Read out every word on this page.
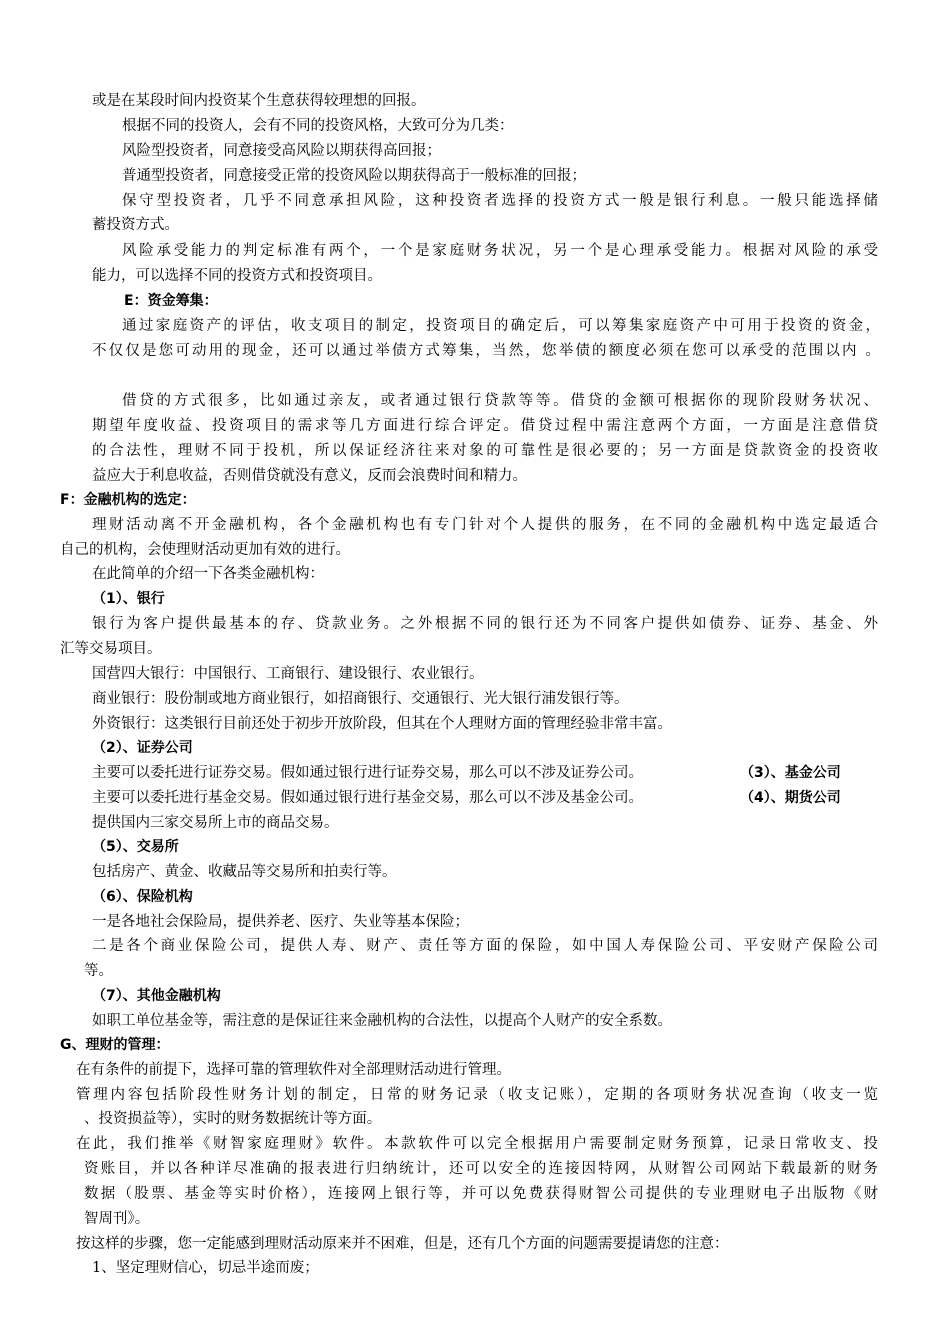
或是在某段时间内投资某个生意获得较理想的回报。
根据不同的投资人，会有不同的投资风格，大致可分为几类：
风险型投资者，同意接受高风险以期获得高回报；
普通型投资者，同意接受正常的投资风险以期获得高于一般标准的回报；
保守型投资者，几乎不同意承担风险，这种投资者选择的投资方式一般是银行利息。一般只能选择储
蓄投资方式。
风险承受能力的判定标准有两个，一个是家庭财务状况，另一个是心理承受能力。根据对风险的承受
能力，可以选择不同的投资方式和投资项目。
E：资金筹集：
通过家庭资产的评估，收支项目的制定，投资项目的确定后，可以筹集家庭资产中可用于投资的资金，
不仅仅是您可动用的现金，还可以通过举债方式筹集，当然，您举债的额度必须在您可以承受的范围以内 。
借贷的方式很多，比如通过亲友，或者通过银行贷款等等。借贷的金额可根据你的现阶段财务状况、
期望年度收益、投资项目的需求等几方面进行综合评定。借贷过程中需注意两个方面，一方面是注意借贷
的合法性，理财不同于投机，所以保证经济往来对象的可靠性是很必要的；另一方面是贷款资金的投资收
益应大于利息收益，否则借贷就没有意义，反而会浪费时间和精力。
F：金融机构的选定：
理财活动离不开金融机构，各个金融机构也有专门针对个人提供的服务，在不同的金融机构中选定最适合
自己的机构，会使理财活动更加有效的进行。
在此简单的介绍一下各类金融机构：
（1）、银行
银行为客户提供最基本的存、贷款业务。之外根据不同的银行还为不同客户提供如债券、证券、基金、外
汇等交易项目。
国营四大银行：中国银行、工商银行、建设银行、农业银行。
商业银行：股份制或地方商业银行，如招商银行、交通银行、光大银行浦发银行等。
外资银行：这类银行目前还处于初步开放阶段，但其在个人理财方面的管理经验非常丰富。
（2）、证券公司
主要可以委托进行证券交易。假如通过银行进行证券交易，那么可以不涉及证券公司。	（3）、基金公司
主要可以委托进行基金交易。假如通过银行进行基金交易，那么可以不涉及基金公司。	（4）、期货公司
提供国内三家交易所上市的商品交易。
（5）、交易所
包括房产、黄金、收藏品等交易所和拍卖行等。
（6）、保险机构
一是各地社会保险局，提供养老、医疗、失业等基本保险；
二是各个商业保险公司，提供人寿、财产、责任等方面的保险，如中国人寿保险公司、平安财产保险公司
等。
（7）、其他金融机构
如职工单位基金等，需注意的是保证往来金融机构的合法性，以提高个人财产的安全系数。
G、理财的管理：
在有条件的前提下，选择可靠的管理软件对全部理财活动进行管理。
管理内容包括阶段性财务计划的制定，日常的财务记录（收支记账），定期的各项财务状况查询（收支一览
、投资损益等），实时的财务数据统计等方面。
在此，我们推举《财智家庭理财》软件。本款软件可以完全根据用户需要制定财务预算，记录日常收支、投
资账目，并以各种详尽准确的报表进行归纳统计，还可以安全的连接因特网，从财智公司网站下载最新的财务
数据（股票、基金等实时价格），连接网上银行等，并可以免费获得财智公司提供的专业理财电子出版物《财
智周刊》。
按这样的步骤，您一定能感到理财活动原来并不困难，但是，还有几个方面的问题需要提请您的注意：
1、坚定理财信心，切忌半途而废；
